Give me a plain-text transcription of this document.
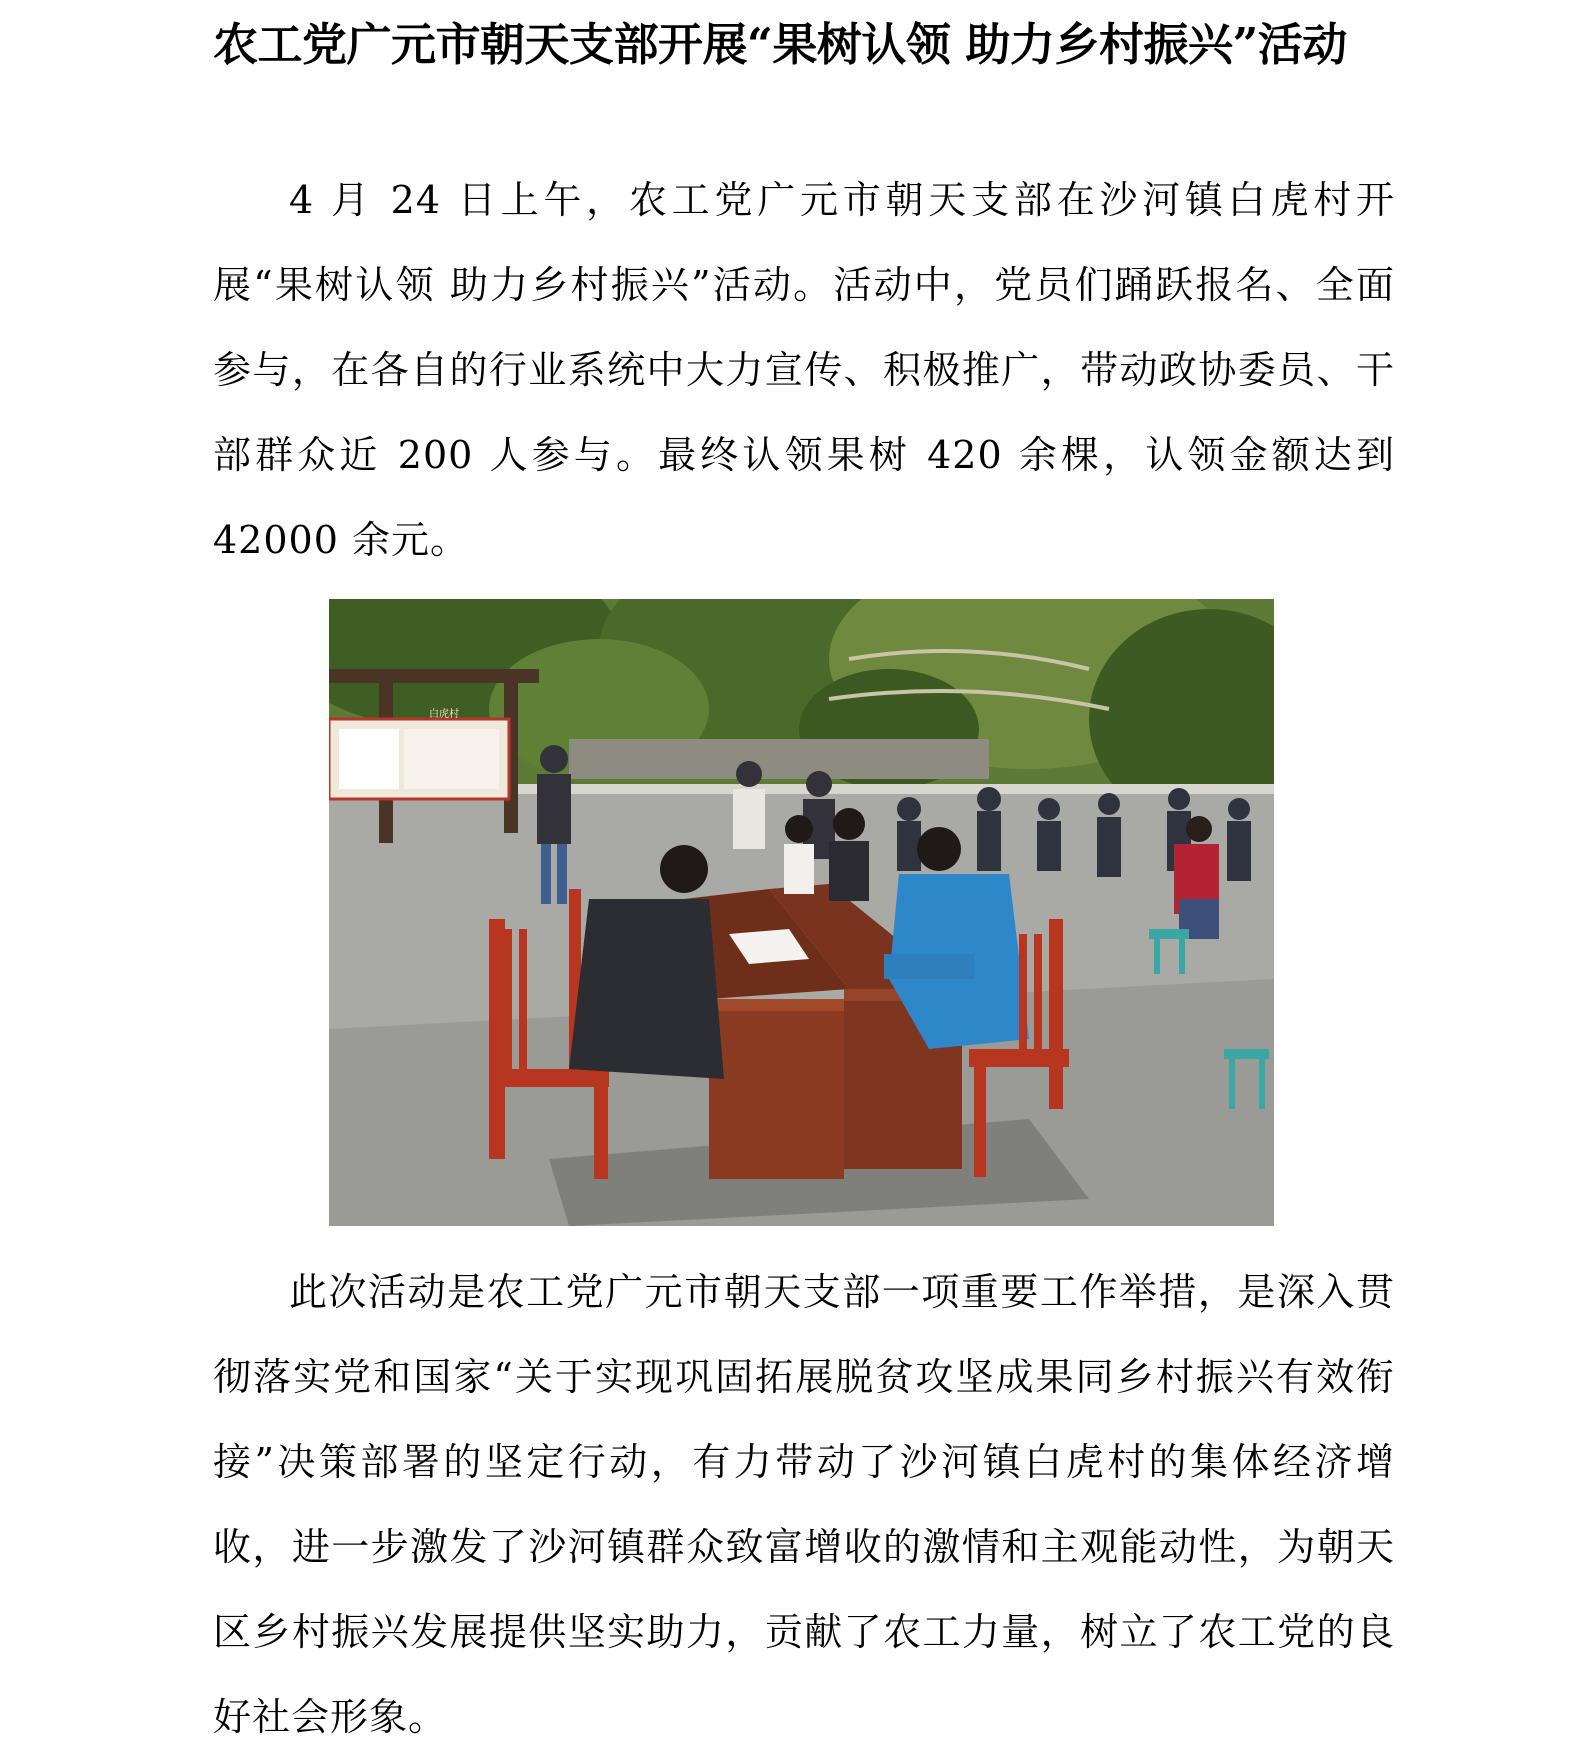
农工党广元市朝天支部开展“果树认领 助力乡村振兴”活动

4 月 24 日上午，农工党广元市朝天支部在沙河镇白虎村开展“果树认领 助力乡村振兴”活动。活动中，党员们踊跃报名、全面参与，在各自的行业系统中大力宣传、积极推广，带动政协委员、干部群众近 200 人参与。最终认领果树 420 余棵，认领金额达到 42000 余元。

白虎村

此次活动是农工党广元市朝天支部一项重要工作举措，是深入贯彻落实党和国家“关于实现巩固拓展脱贫攻坚成果同乡村振兴有效衔接”决策部署的坚定行动，有力带动了沙河镇白虎村的集体经济增收，进一步激发了沙河镇群众致富增收的激情和主观能动性，为朝天区乡村振兴发展提供坚实助力，贡献了农工力量，树立了农工党的良好社会形象。
